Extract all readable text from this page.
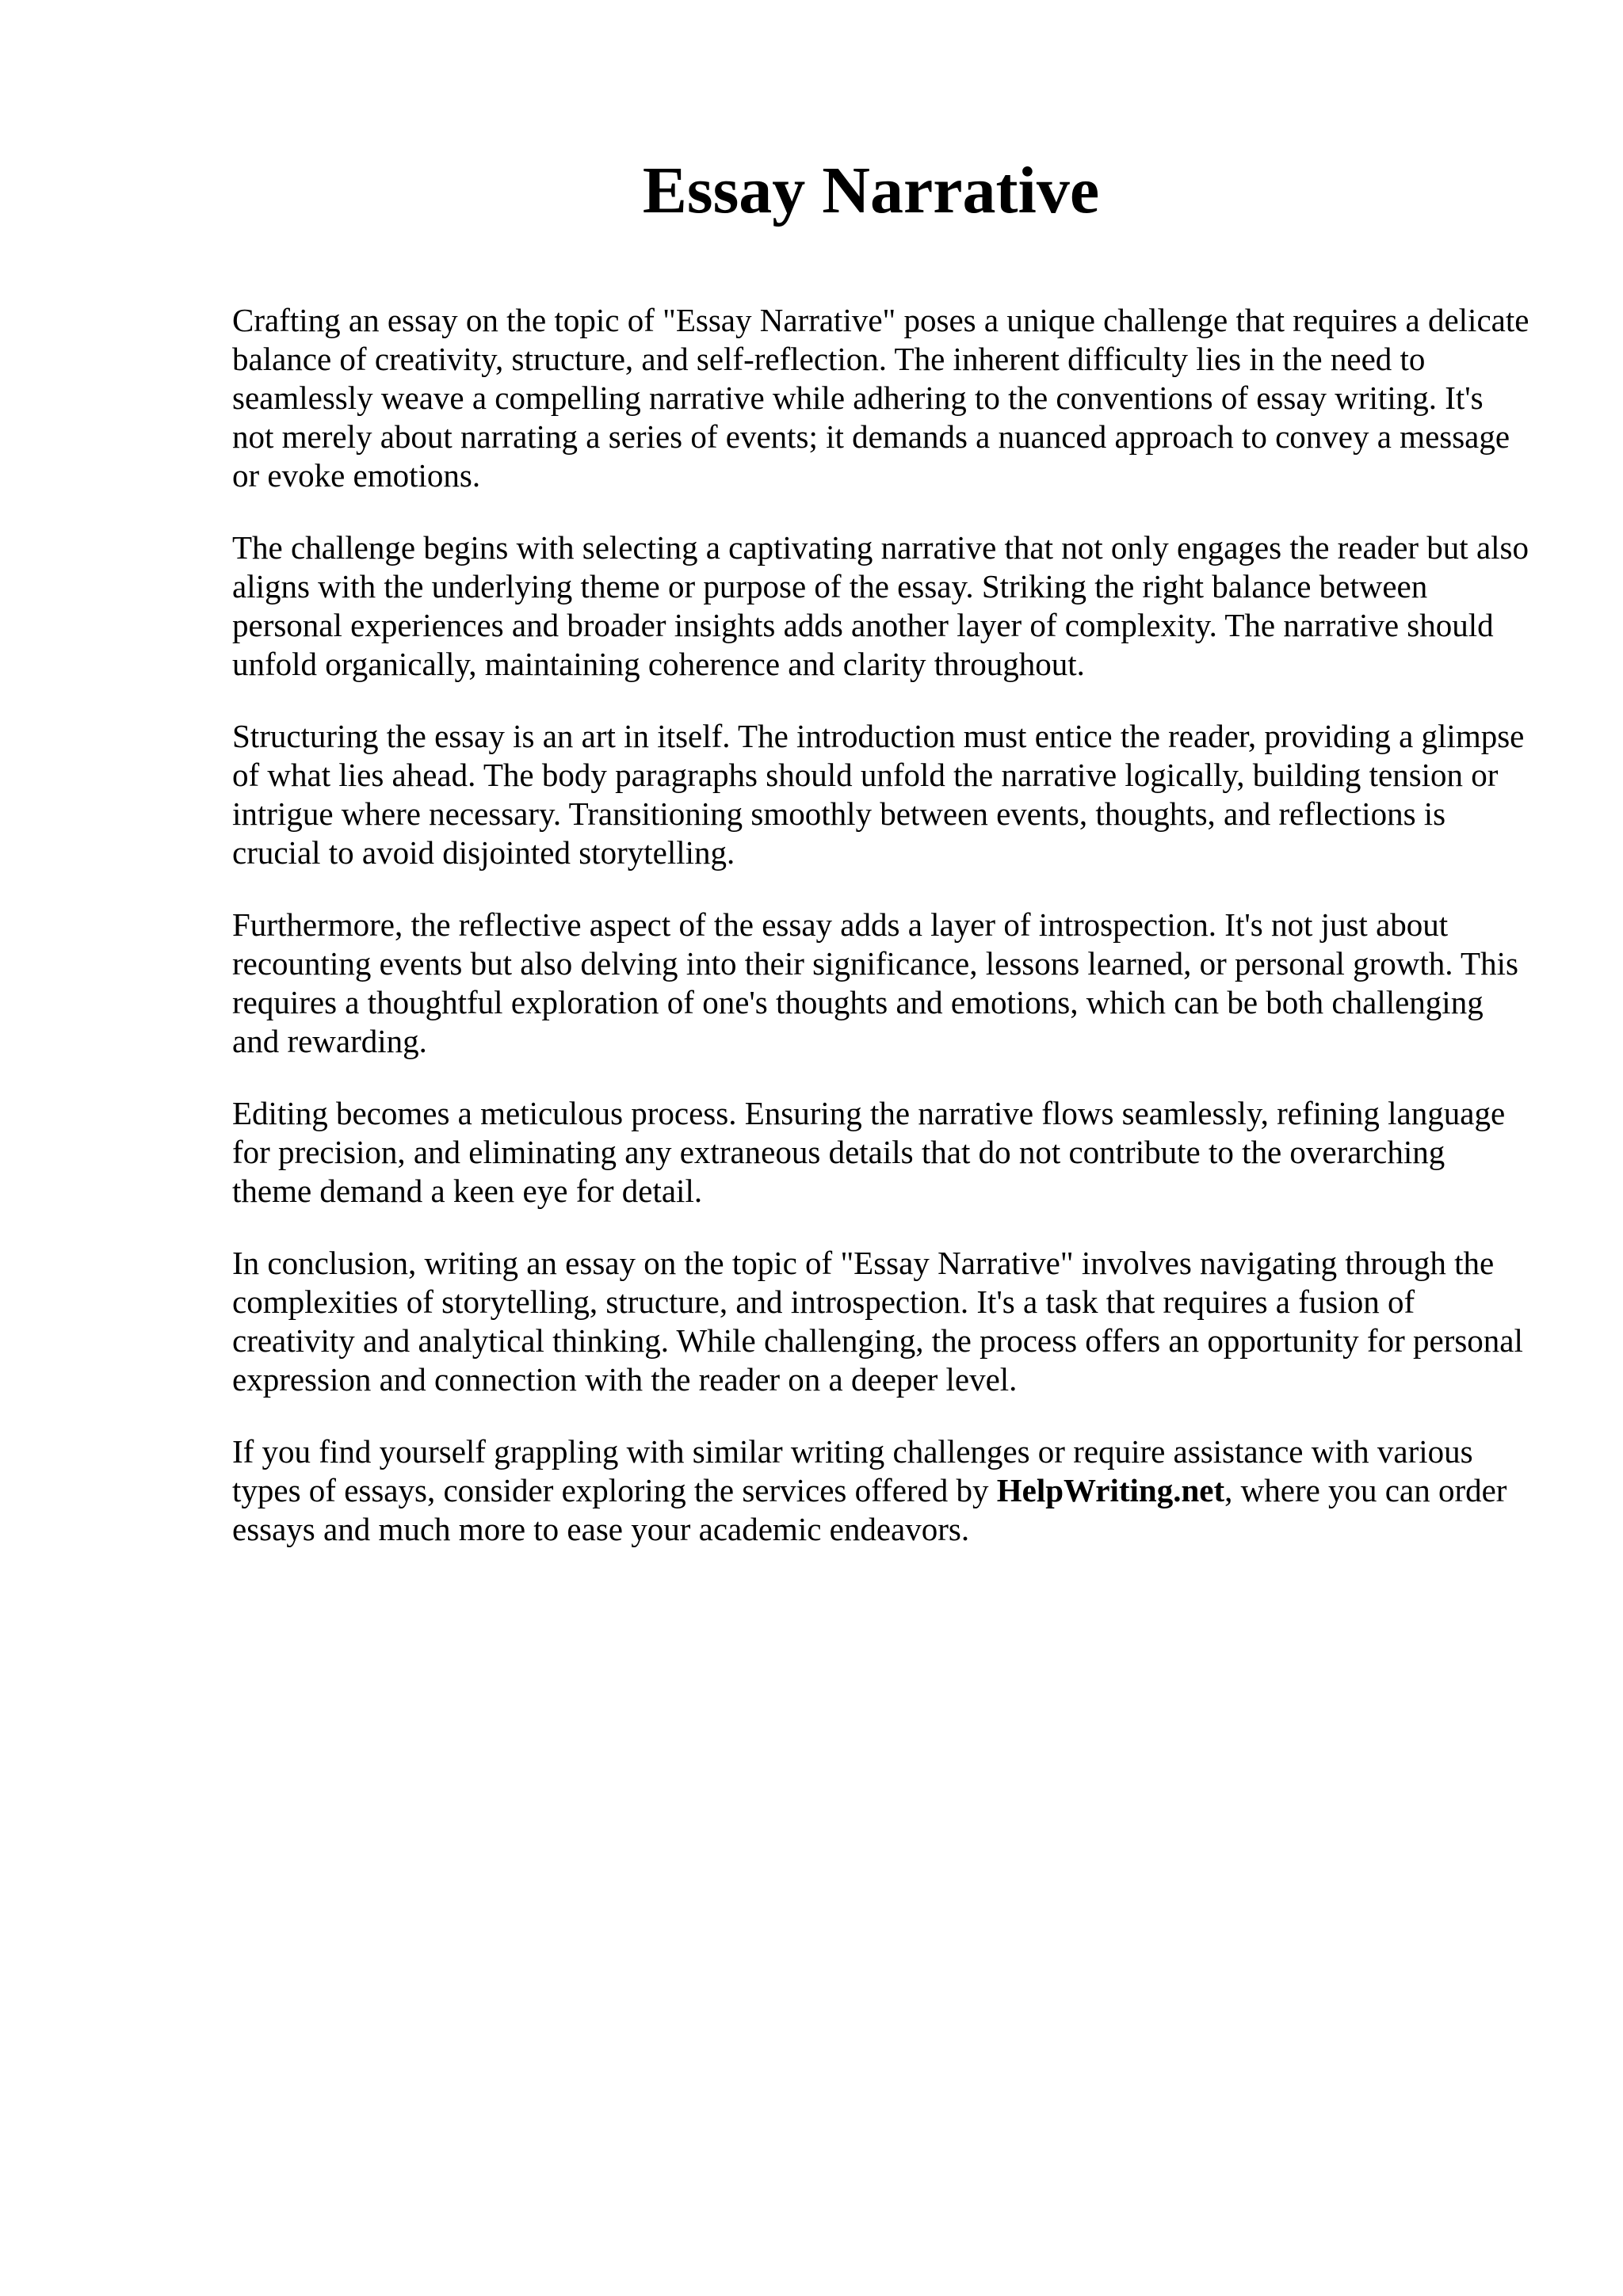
Essay Narrative

Crafting an essay on the topic of "Essay Narrative" poses a unique challenge that requires a delicate balance of creativity, structure, and self-reflection. The inherent difficulty lies in the need to seamlessly weave a compelling narrative while adhering to the conventions of essay writing. It's not merely about narrating a series of events; it demands a nuanced approach to convey a message or evoke emotions.

The challenge begins with selecting a captivating narrative that not only engages the reader but also aligns with the underlying theme or purpose of the essay. Striking the right balance between personal experiences and broader insights adds another layer of complexity. The narrative should unfold organically, maintaining coherence and clarity throughout.

Structuring the essay is an art in itself. The introduction must entice the reader, providing a glimpse of what lies ahead. The body paragraphs should unfold the narrative logically, building tension or intrigue where necessary. Transitioning smoothly between events, thoughts, and reflections is crucial to avoid disjointed storytelling.

Furthermore, the reflective aspect of the essay adds a layer of introspection. It's not just about recounting events but also delving into their significance, lessons learned, or personal growth. This requires a thoughtful exploration of one's thoughts and emotions, which can be both challenging and rewarding.

Editing becomes a meticulous process. Ensuring the narrative flows seamlessly, refining language for precision, and eliminating any extraneous details that do not contribute to the overarching theme demand a keen eye for detail.

In conclusion, writing an essay on the topic of "Essay Narrative" involves navigating through the complexities of storytelling, structure, and introspection. It's a task that requires a fusion of creativity and analytical thinking. While challenging, the process offers an opportunity for personal expression and connection with the reader on a deeper level.

If you find yourself grappling with similar writing challenges or require assistance with various types of essays, consider exploring the services offered by HelpWriting.net, where you can order essays and much more to ease your academic endeavors.
